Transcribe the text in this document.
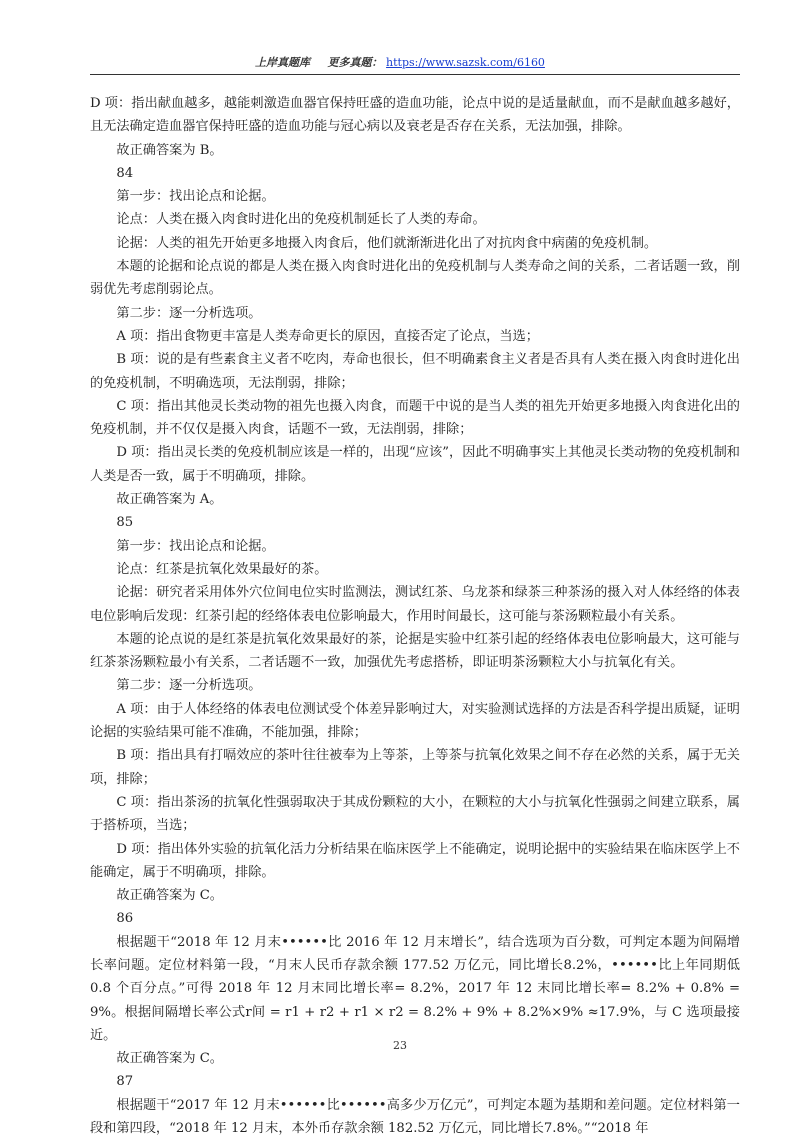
上岸真题库 更多真题： https://www.sazsk.com/6160

D 项：指出献血越多，越能刺激造血器官保持旺盛的造血功能，论点中说的是适量献血，而不是献血越多越好，且无法确定造血器官保持旺盛的造血功能与冠心病以及衰老是否存在关系，无法加强，排除。

故正确答案为 B。

84

第一步：找出论点和论据。

论点：人类在摄入肉食时进化出的免疫机制延长了人类的寿命。

论据：人类的祖先开始更多地摄入肉食后，他们就渐渐进化出了对抗肉食中病菌的免疫机制。

本题的论据和论点说的都是人类在摄入肉食时进化出的免疫机制与人类寿命之间的关系，二者话题一致，削弱优先考虑削弱论点。

第二步：逐一分析选项。

A 项：指出食物更丰富是人类寿命更长的原因，直接否定了论点，当选；

B 项：说的是有些素食主义者不吃肉，寿命也很长，但不明确素食主义者是否具有人类在摄入肉食时进化出的免疫机制，不明确选项，无法削弱，排除；

C 项：指出其他灵长类动物的祖先也摄入肉食，而题干中说的是当人类的祖先开始更多地摄入肉食进化出的免疫机制，并不仅仅是摄入肉食，话题不一致，无法削弱，排除；

D 项：指出灵长类的免疫机制应该是一样的，出现“应该”，因此不明确事实上其他灵长类动物的免疫机制和人类是否一致，属于不明确项，排除。

故正确答案为 A。

85

第一步：找出论点和论据。

论点：红茶是抗氧化效果最好的茶。

论据：研究者采用体外穴位间电位实时监测法，测试红茶、乌龙茶和绿茶三种茶汤的摄入对人体经络的体表电位影响后发现：红茶引起的经络体表电位影响最大，作用时间最长，这可能与茶汤颗粒最小有关系。

本题的论点说的是红茶是抗氧化效果最好的茶，论据是实验中红茶引起的经络体表电位影响最大，这可能与红茶茶汤颗粒最小有关系，二者话题不一致，加强优先考虑搭桥，即证明茶汤颗粒大小与抗氧化有关。

第二步：逐一分析选项。

A 项：由于人体经络的体表电位测试受个体差异影响过大，对实验测试选择的方法是否科学提出质疑，证明论据的实验结果可能不准确，不能加强，排除；

B 项：指出具有打嗝效应的茶叶往往被奉为上等茶，上等茶与抗氧化效果之间不存在必然的关系，属于无关项，排除；

C 项：指出茶汤的抗氧化性强弱取决于其成份颗粒的大小，在颗粒的大小与抗氧化性强弱之间建立联系，属于搭桥项，当选；

D 项：指出体外实验的抗氧化活力分析结果在临床医学上不能确定，说明论据中的实验结果在临床医学上不能确定，属于不明确项，排除。

故正确答案为 C。

86

根据题干“2018 年 12 月末••••••比 2016 年 12 月末增长”，结合选项为百分数，可判定本题为间隔增长率问题。定位材料第一段，“月末人民币存款余额 177.52 万亿元，同比增长8.2%，••••••比上年同期低 0.8 个百分点。”可得 2018 年 12 月末同比增长率= 8.2%，2017 年 12 末同比增长率= 8.2% + 0.8% = 9%。根据间隔增长率公式r间 = r1 + r2 + r1 × r2 = 8.2% + 9% + 8.2%×9% ≈17.9%，与 C 选项最接近。

故正确答案为 C。

87

根据题干“2017 年 12 月末••••••比••••••高多少万亿元”，可判定本题为基期和差问题。定位材料第一段和第四段，“2018 年 12 月末，本外币存款余额 182.52 万亿元，同比增长7.8%。”“2018 年

23
